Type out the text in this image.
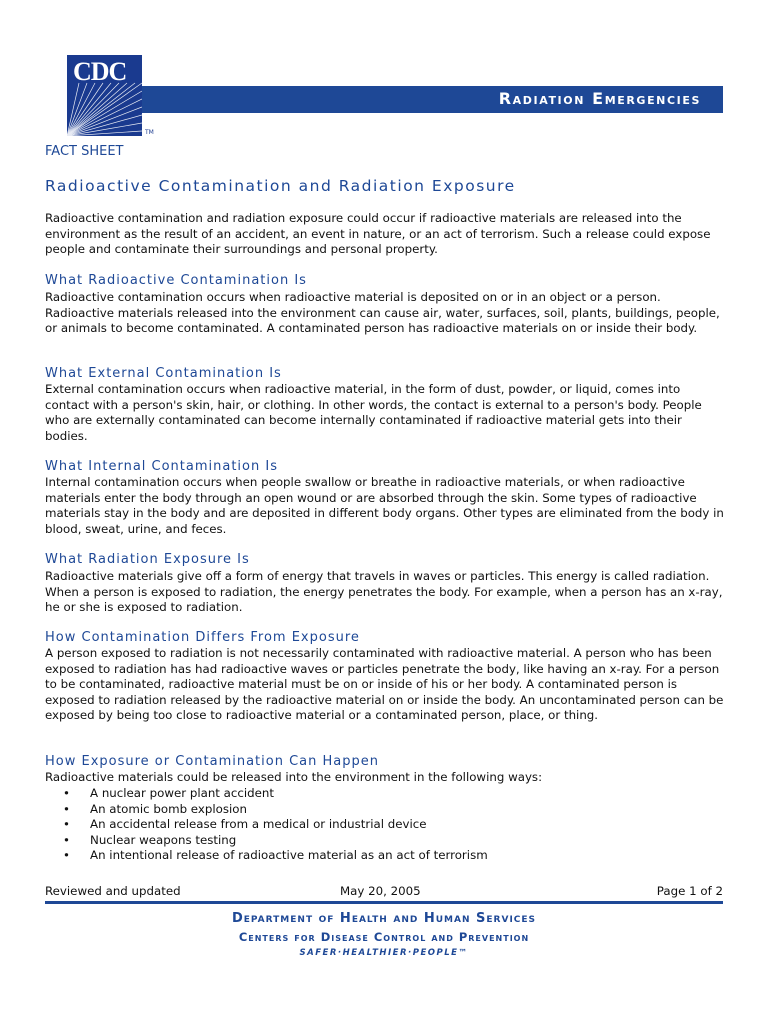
CDC
TM
Radiation Emergencies
FACT SHEET
Radioactive Contamination and Radiation Exposure
Radioactive contamination and radiation exposure could occur if radioactive materials are released into the environment as the result of an accident, an event in nature, or an act of terrorism. Such a release could expose people and contaminate their surroundings and personal property.
What Radioactive Contamination Is
Radioactive contamination occurs when radioactive material is deposited on or in an object or a person. Radioactive materials released into the environment can cause air, water, surfaces, soil, plants, buildings, people, or animals to become contaminated. A contaminated person has radioactive materials on or inside their body.
What External Contamination Is
External contamination occurs when radioactive material, in the form of dust, powder, or liquid, comes into contact with a person's skin, hair, or clothing. In other words, the contact is external to a person's body. People who are externally contaminated can become internally contaminated if radioactive material gets into their bodies.
What Internal Contamination Is
Internal contamination occurs when people swallow or breathe in radioactive materials, or when radioactive materials enter the body through an open wound or are absorbed through the skin. Some types of radioactive materials stay in the body and are deposited in different body organs. Other types are eliminated from the body in blood, sweat, urine, and feces.
What Radiation Exposure Is
Radioactive materials give off a form of energy that travels in waves or particles. This energy is called radiation. When a person is exposed to radiation, the energy penetrates the body. For example, when a person has an x-ray, he or she is exposed to radiation.
How Contamination Differs From Exposure
A person exposed to radiation is not necessarily contaminated with radioactive material. A person who has been exposed to radiation has had radioactive waves or particles penetrate the body, like having an x-ray. For a person to be contaminated, radioactive material must be on or inside of his or her body. A contaminated person is exposed to radiation released by the radioactive material on or inside the body. An uncontaminated person can be exposed by being too close to radioactive material or a contaminated person, place, or thing.
How Exposure or Contamination Can Happen
Radioactive materials could be released into the environment in the following ways:
• A nuclear power plant accident
• An atomic bomb explosion
• An accidental release from a medical or industrial device
• Nuclear weapons testing
• An intentional release of radioactive material as an act of terrorism
Reviewed and updated	May 20, 2005	Page 1 of 2
Department of Health and Human Services
Centers for Disease Control and Prevention
SAFER·HEALTHIER·PEOPLE™
